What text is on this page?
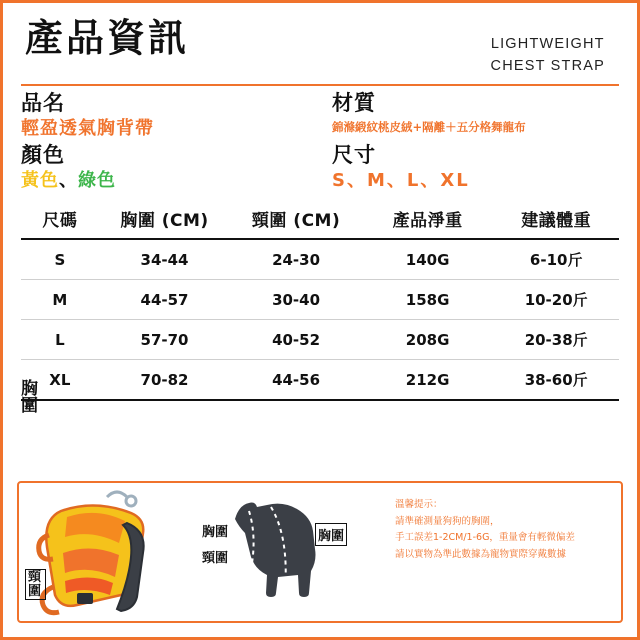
產品資訊	LIGHTWEIGHT
CHEST STRAP
品名
輕盈透氣胸背帶
材質
錦滌緞紋桃皮絨+隔離＋五分格舞龍布
顏色
黃色、綠色
尺寸
S、M、L、XL
尺碼	胸圍 (CM)	頸圍 (CM)	產品淨重	建議體重
S	34-44	24-30	140G	6-10斤
M	44-57	30-40	158G	10-20斤
L	57-70	40-52	208G	20-38斤
XL	70-82	44-56	212G	38-60斤
胸圍
胸圍
頸圍
頸圍
胸圍
溫馨提示：
請準確測量狗狗的胸圍，
手工誤差1-2CM/1-6G，重量會有輕微偏差
請以實物為準此數據為寵物實際穿戴數據
